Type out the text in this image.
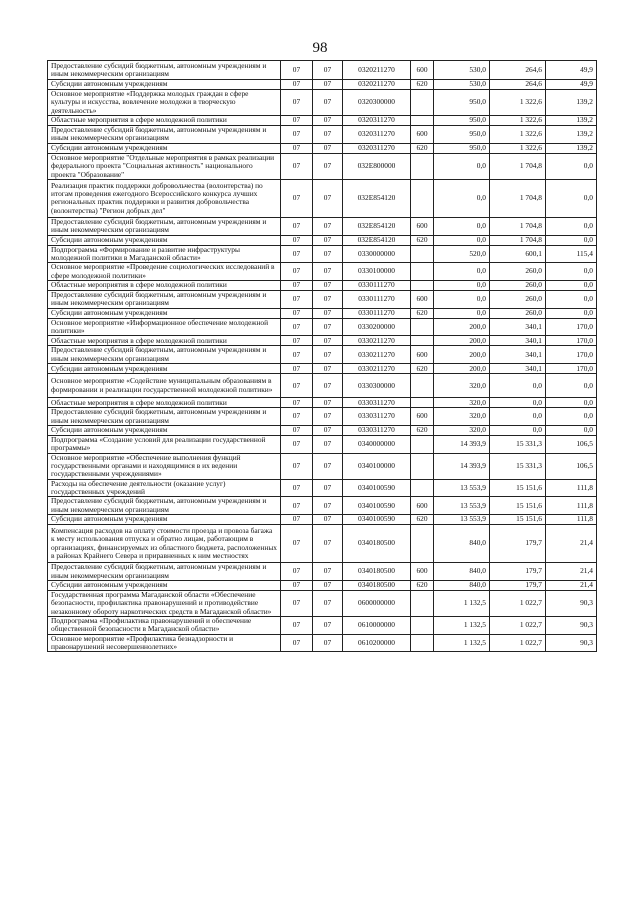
98
Предоставление субсидий бюджетным, автономным учреждениям и иным некоммерческим организациям	07	07	0320211270	600	530,0	264,6	49,9
Субсидии автономным учреждениям	07	07	0320211270	620	530,0	264,6	49,9
Основное мероприятие «Поддержка молодых граждан в сфере культуры и искусства, вовлечение молодежи в творческую деятельность»	07	07	0320300000		950,0	1 322,6	139,2
Областные мероприятия в сфере молодежной политики	07	07	0320311270		950,0	1 322,6	139,2
Предоставление субсидий бюджетным, автономным учреждениям и иным некоммерческим организациям	07	07	0320311270	600	950,0	1 322,6	139,2
Субсидии автономным учреждениям	07	07	0320311270	620	950,0	1 322,6	139,2
Основное мероприятие "Отдельные мероприятия в рамках реализации федерального проекта "Социальная активность" национального проекта "Образование"	07	07	032E800000		0,0	1 704,8	0,0
Реализация практик поддержки добровольчества (волонтерства) по итогам проведения ежегодного Всероссийского конкурса лучших региональных практик поддержки и развития добровольчества (волонтерства) "Регион добрых дел"	07	07	032E854120		0,0	1 704,8	0,0
Предоставление субсидий бюджетным, автономным учреждениям и иным некоммерческим организациям	07	07	032E854120	600	0,0	1 704,8	0,0
Субсидии автономным учреждениям	07	07	032E854120	620	0,0	1 704,8	0,0
Подпрограмма «Формирование и развитие инфраструктуры молодежной политики в Магаданской области»	07	07	0330000000		520,0	600,1	115,4
Основное мероприятие «Проведение социологических исследований в сфере молодежной политики»	07	07	0330100000		0,0	260,0	0,0
Областные мероприятия в сфере молодежной политики	07	07	0330111270		0,0	260,0	0,0
Предоставление субсидий бюджетным, автономным учреждениям и иным некоммерческим организациям	07	07	0330111270	600	0,0	260,0	0,0
Субсидии автономным учреждениям	07	07	0330111270	620	0,0	260,0	0,0
Основное мероприятие «Информационное обеспечение молодежной политики»	07	07	0330200000		200,0	340,1	170,0
Областные мероприятия в сфере молодежной политики	07	07	0330211270		200,0	340,1	170,0
Предоставление субсидий бюджетным, автономным учреждениям и иным некоммерческим организациям	07	07	0330211270	600	200,0	340,1	170,0
Субсидии автономным учреждениям	07	07	0330211270	620	200,0	340,1	170,0
Основное мероприятие «Содействие муниципальным образованиям в формировании и реализации государственной молодежной политики»	07	07	0330300000		320,0	0,0	0,0
Областные мероприятия в сфере молодежной политики	07	07	0330311270		320,0	0,0	0,0
Предоставление субсидий бюджетным, автономным учреждениям и иным некоммерческим организациям	07	07	0330311270	600	320,0	0,0	0,0
Субсидии автономным учреждениям	07	07	0330311270	620	320,0	0,0	0,0
Подпрограмма «Создание условий для реализации государственной программы»	07	07	0340000000		14 393,9	15 331,3	106,5
Основное мероприятие «Обеспечение выполнения функций государственными органами и находящимися в их ведении государственными учреждениями»	07	07	0340100000		14 393,9	15 331,3	106,5
Расходы на обеспечение деятельности (оказание услуг) государственных учреждений	07	07	0340100590		13 553,9	15 151,6	111,8
Предоставление субсидий бюджетным, автономным учреждениям и иным некоммерческим организациям	07	07	0340100590	600	13 553,9	15 151,6	111,8
Субсидии автономным учреждениям	07	07	0340100590	620	13 553,9	15 151,6	111,8
Компенсация расходов на оплату стоимости проезда и провоза багажа к месту использования отпуска и обратно лицам, работающим в организациях, финансируемых из областного бюджета, расположенных в районах Крайнего Севера и приравненных к ним местностях	07	07	0340180500		840,0	179,7	21,4
Предоставление субсидий бюджетным, автономным учреждениям и иным некоммерческим организациям	07	07	0340180500	600	840,0	179,7	21,4
Субсидии автономным учреждениям	07	07	0340180500	620	840,0	179,7	21,4
Государственная программа Магаданской области «Обеспечение безопасности, профилактика правонарушений и противодействие незаконному обороту наркотических средств в Магаданской области»	07	07	0600000000		1 132,5	1 022,7	90,3
Подпрограмма «Профилактика правонарушений и обеспечение общественной безопасности в Магаданской области»	07	07	0610000000		1 132,5	1 022,7	90,3
Основное мероприятие «Профилактика безнадзорности и правонарушений несовершеннолетних»	07	07	0610200000		1 132,5	1 022,7	90,3
